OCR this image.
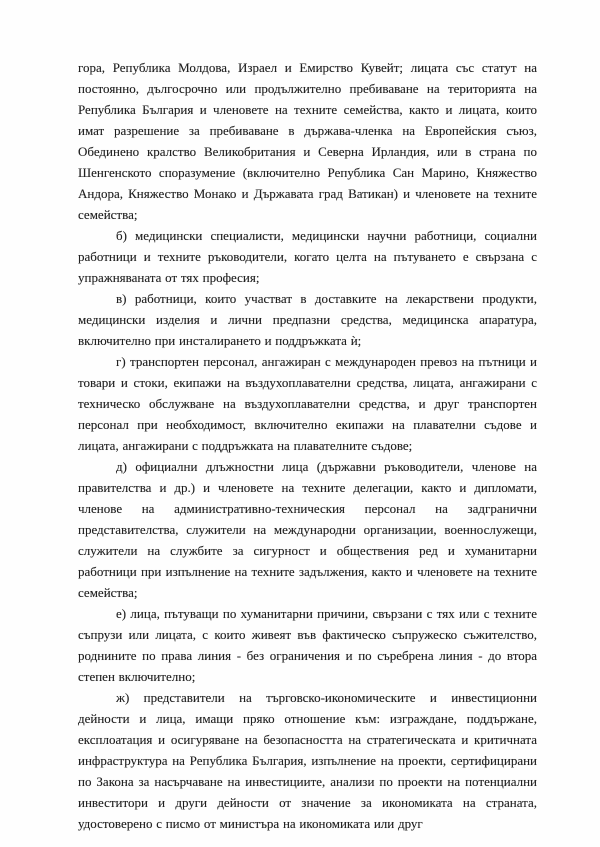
гора, Република Молдова, Израел и Емирство Кувейт; лицата със статут на постоянно, дългосрочно или продължително пребиваване на територията на Република България и членовете на техните семейства, както и лицата, които имат разрешение за пребиваване в държава-членка на Европейския съюз, Обединено кралство Великобритания и Северна Ирландия, или в страна по Шенгенското споразумение (включително Република Сан Марино, Княжество Андора, Княжество Монако и Държавата град Ватикан) и членовете на техните семейства;

б) медицински специалисти, медицински научни работници, социални работници и техните ръководители, когато целта на пътуването е свързана с упражняваната от тях професия;

в) работници, които участват в доставките на лекарствени продукти, медицински изделия и лични предпазни средства, медицинска апаратура, включително при инсталирането и поддръжката ѝ;

г) транспортен персонал, ангажиран с международен превоз на пътници и товари и стоки, екипажи на въздухоплавателни средства, лицата, ангажирани с техническо обслужване на въздухоплавателни средства, и друг транспортен персонал при необходимост, включително екипажи на плавателни съдове и лицата, ангажирани с поддръжката на плавателните съдове;

д) официални длъжностни лица (държавни ръководители, членове на правителства и др.) и членовете на техните делегации, както и дипломати, членове на административно-техническия персонал на задгранични представителства, служители на международни организации, военнослужещи, служители на службите за сигурност и обществения ред и хуманитарни работници при изпълнение на техните задължения, както и членовете на техните семейства;

е) лица, пътуващи по хуманитарни причини, свързани с тях или с техните съпрузи или лицата, с които живеят във фактическо съпружеско съжителство, роднините по права линия - без ограничения и по съребрена линия - до втора степен включително;

ж) представители на търговско-икономическите и инвестиционни дейности и лица, имащи пряко отношение към: изграждане, поддържане, експлоатация и осигуряване на безопасността на стратегическата и критичната инфраструктура на Република България, изпълнение на проекти, сертифицирани по Закона за насърчаване на инвестициите, анализи по проекти на потенциални инвеститори и други дейности от значение за икономиката на страната, удостоверено с писмо от министъра на икономиката или друг
